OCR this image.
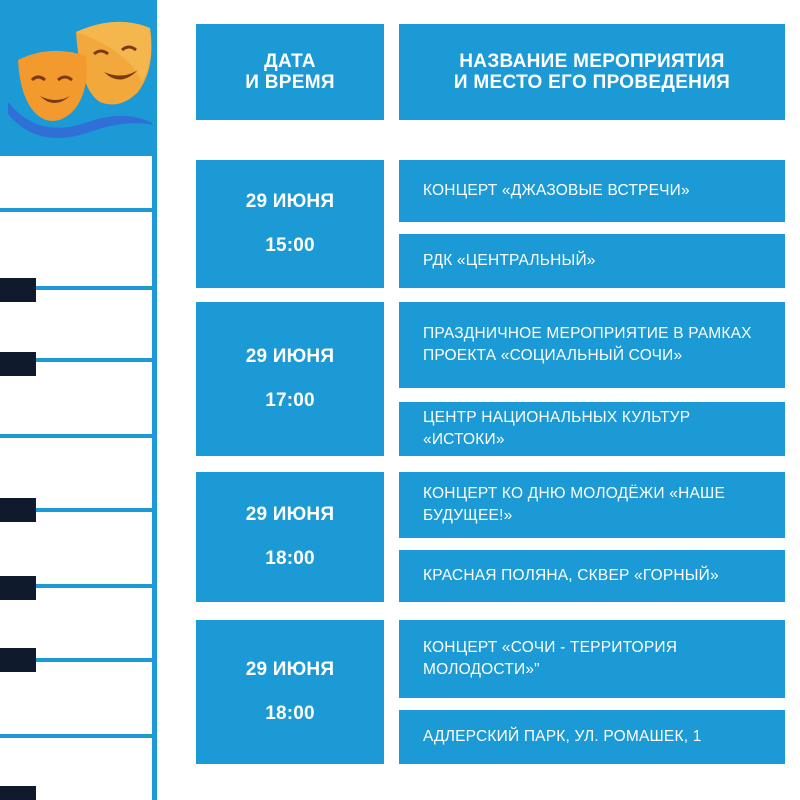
ДАТА
И ВРЕМЯ
НАЗВАНИЕ МЕРОПРИЯТИЯ
И МЕСТО ЕГО ПРОВЕДЕНИЯ
29 ИЮНЯ
15:00
КОНЦЕРТ «ДЖАЗОВЫЕ ВСТРЕЧИ»
РДК «ЦЕНТРАЛЬНЫЙ»
29 ИЮНЯ
17:00
ПРАЗДНИЧНОЕ МЕРОПРИЯТИЕ В РАМКАХ ПРОЕКТА «СОЦИАЛЬНЫЙ СОЧИ»
ЦЕНТР НАЦИОНАЛЬНЫХ КУЛЬТУР «ИСТОКИ»
29 ИЮНЯ
18:00
КОНЦЕРТ КО ДНЮ МОЛОДЁЖИ «НАШЕ БУДУЩЕЕ!»
КРАСНАЯ ПОЛЯНА, СКВЕР «ГОРНЫЙ»
29 ИЮНЯ
18:00
КОНЦЕРТ «СОЧИ - ТЕРРИТОРИЯ МОЛОДОСТИ»"
АДЛЕРСКИЙ ПАРК, УЛ. РОМАШЕК, 1
